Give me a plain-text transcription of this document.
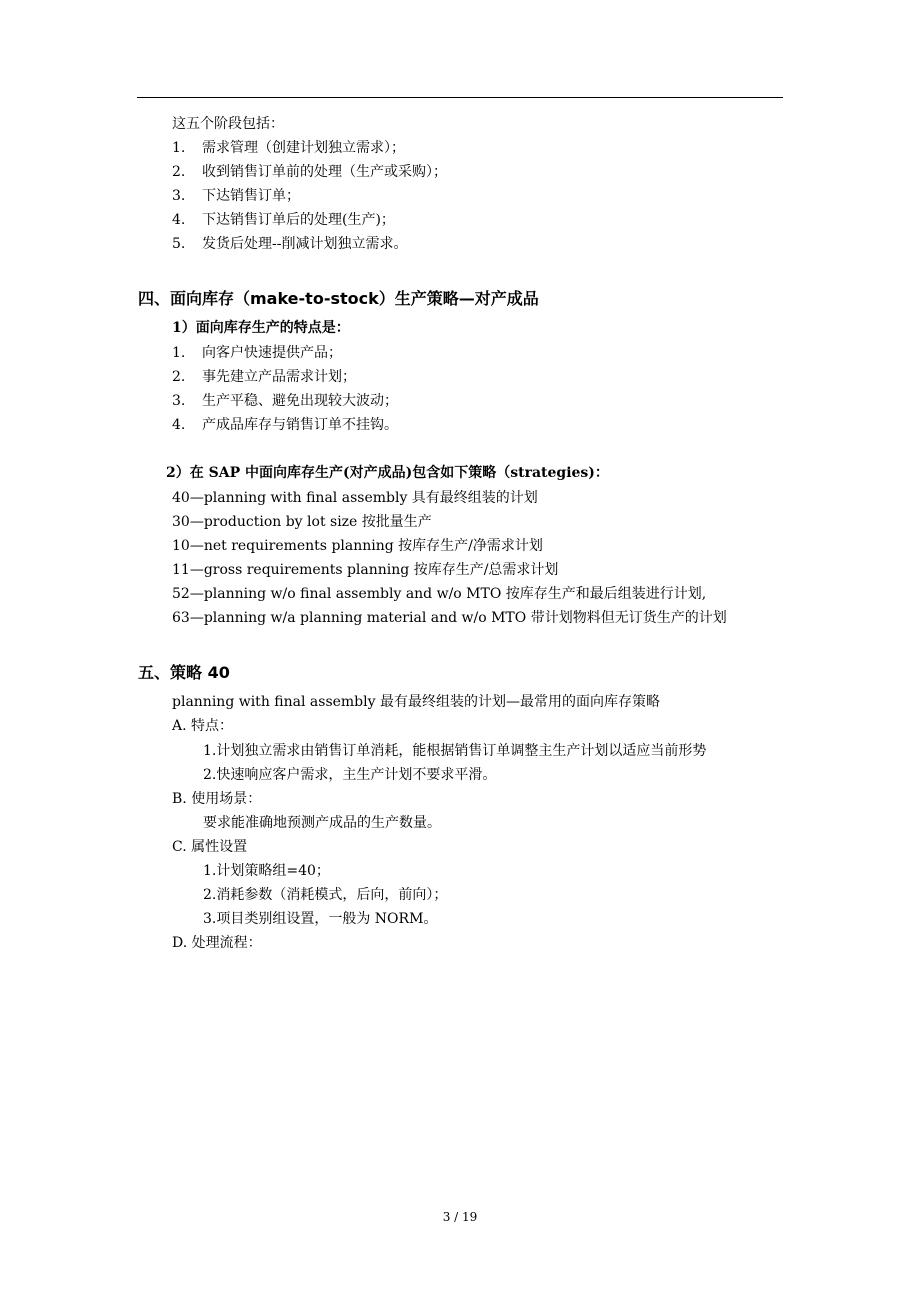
这五个阶段包括：
1. 需求管理（创建计划独立需求）；
2. 收到销售订单前的处理（生产或采购）；
3. 下达销售订单；
4. 下达销售订单后的处理(生产)；
5. 发货后处理--削减计划独立需求。
四、面向库存（make-to-stock）生产策略—对产成品
1）面向库存生产的特点是：
1. 向客户快速提供产品；
2. 事先建立产品需求计划；
3. 生产平稳、避免出现较大波动；
4. 产成品库存与销售订单不挂钩。
2）在 SAP 中面向库存生产(对产成品)包含如下策略（strategies)：
40—planning with final assembly 具有最终组装的计划
30—production by lot size 按批量生产
10—net requirements planning 按库存生产/净需求计划
11—gross requirements planning 按库存生产/总需求计划
52—planning w/o final assembly and w/o MTO 按库存生产和最后组装进行计划,
63—planning w/a planning material and w/o MTO 带计划物料但无订货生产的计划
五、策略 40
planning with final assembly 最有最终组装的计划—最常用的面向库存策略
A. 特点：
1.计划独立需求由销售订单消耗，能根据销售订单调整主生产计划以适应当前形势
2.快速响应客户需求，主生产计划不要求平滑。
B. 使用场景：
要求能准确地预测产成品的生产数量。
C. 属性设置
1.计划策略组=40；
2.消耗参数（消耗模式，后向，前向）；
3.项目类别组设置，一般为 NORM。
D. 处理流程：
3 / 19
